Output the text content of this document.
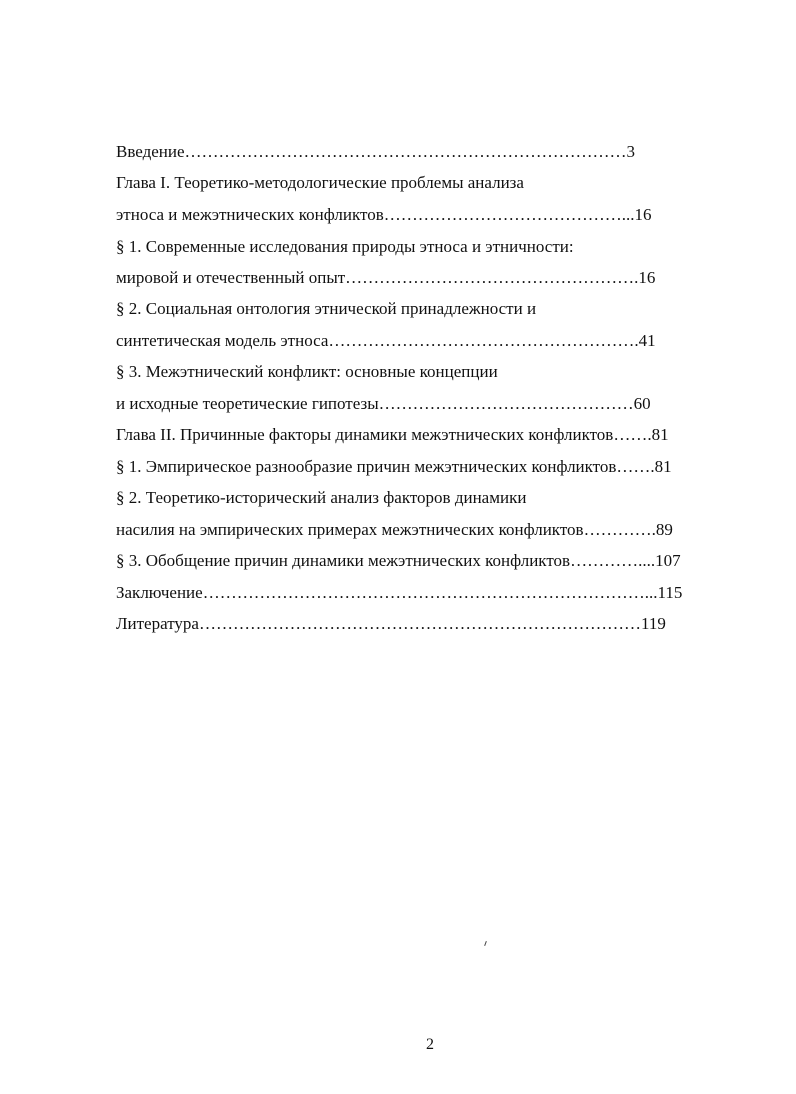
Введение……………………………………………………………………3
Глава I. Теоретико-методологические проблемы анализа
этноса и межэтнических конфликтов……………………………………...16
§ 1. Современные исследования природы этноса и этничности:
мировой и отечественный опыт…………………………………………….16
§ 2. Социальная онтология этнической принадлежности и
синтетическая модель этноса……………………………………………….41
§ 3. Межэтнический конфликт: основные концепции
и исходные теоретические гипотезы………………………………………60
Глава II. Причинные факторы динамики межэтнических конфликтов…….81
§ 1. Эмпирическое разнообразие причин межэтнических конфликтов…….81
§ 2. Теоретико-исторический анализ факторов динамики
насилия на эмпирических примерах межэтнических конфликтов………….89
§ 3. Обобщение причин динамики межэтнических конфликтов…………....107
Заключение……………………………………………………………………...115
Литература……………………………………………………………………119
2
